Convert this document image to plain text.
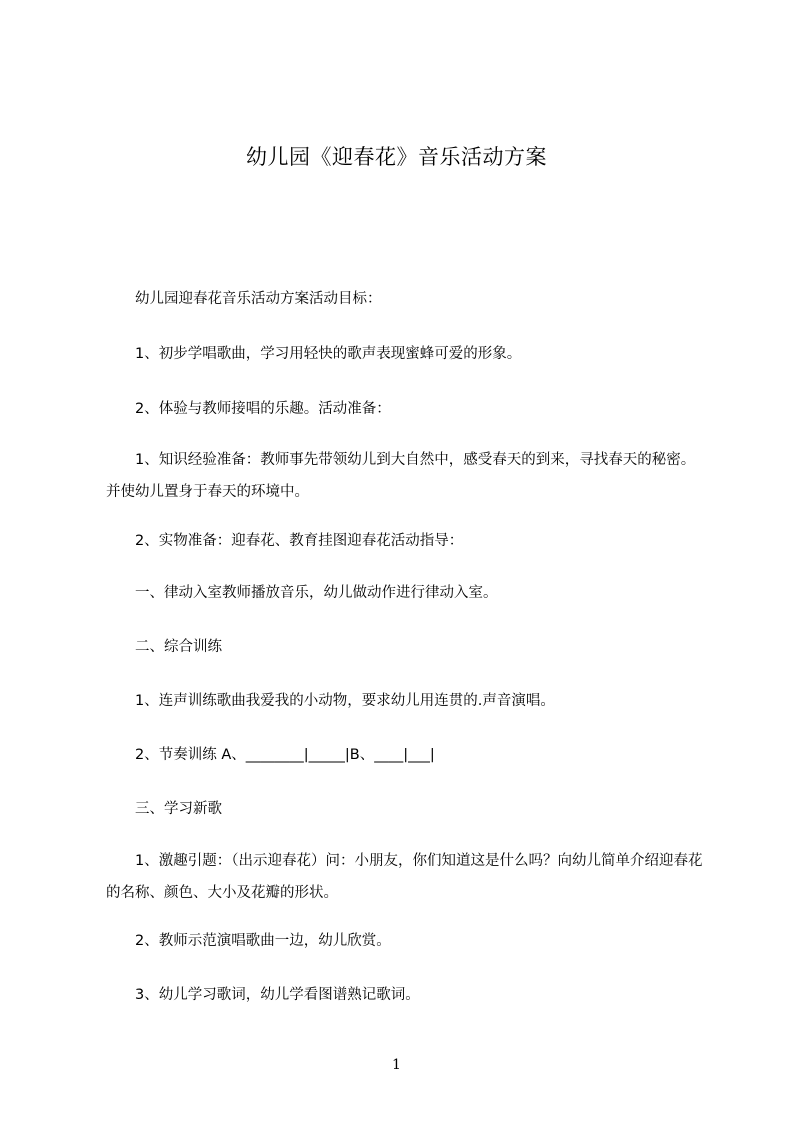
幼儿园《迎春花》音乐活动方案
　　幼儿园迎春花音乐活动方案活动目标：
　　1、初步学唱歌曲，学习用轻快的歌声表现蜜蜂可爱的形象。
　　2、体验与教师接唱的乐趣。活动准备：
　　1、知识经验准备：教师事先带领幼儿到大自然中，感受春天的到来，寻找春天的秘密。并使幼儿置身于春天的环境中。
　　2、实物准备：迎春花、教育挂图迎春花活动指导：
　　一、律动入室教师播放音乐，幼儿做动作进行律动入室。
　　二、综合训练
　　1、连声训练歌曲我爱我的小动物，要求幼儿用连贯的.声音演唱。
　　2、节奏训练 A、________|_____|B、____|___|
　　三、学习新歌
　　1、激趣引题：（出示迎春花）问：小朋友，你们知道这是什么吗？向幼儿简单介绍迎春花的名称、颜色、大小及花瓣的形状。
　　2、教师示范演唱歌曲一边，幼儿欣赏。
　　3、幼儿学习歌词，幼儿学看图谱熟记歌词。
1
